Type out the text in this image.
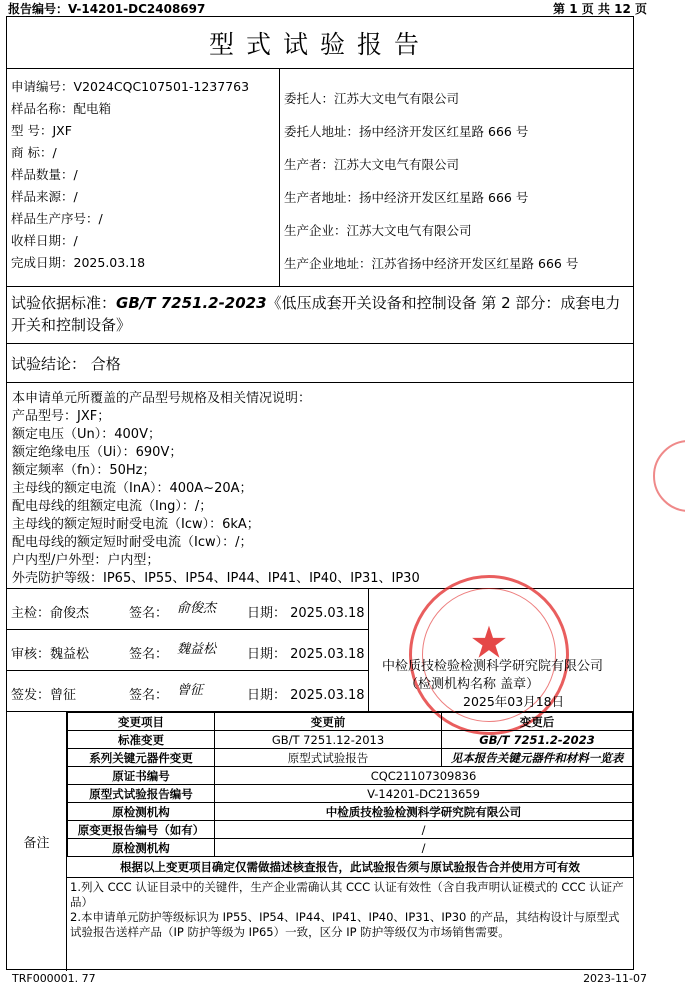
报告编号：V-14201-DC2408697	第 1 页 共 12 页
型式试验报告
申请编号：V2024CQC107501-1237763
样品名称：配电箱
型 号：JXF
商 标：/
样品数量：/
样品来源：/
样品生产序号：/
收样日期：/
完成日期：2025.03.18
委托人：江苏大文电气有限公司
委托人地址：扬中经济开发区红星路 666 号
生产者：江苏大文电气有限公司
生产者地址：扬中经济开发区红星路 666 号
生产企业：江苏大文电气有限公司
生产企业地址：江苏省扬中经济开发区红星路 666 号
试验依据标准：GB/T 7251.2-2023《低压成套开关设备和控制设备 第 2 部分：成套电力开关和控制设备》
试验结论： 合格
本申请单元所覆盖的产品型号规格及相关情况说明：
产品型号：JXF；
额定电压（Un）：400V；
额定绝缘电压（Ui）：690V；
额定频率（fn）：50Hz；
主母线的额定电流（InA）：400A~20A；
配电母线的组额定电流（Ing）：/；
主母线的额定短时耐受电流（Icw）：6kA；
配电母线的额定短时耐受电流（Icw）：/；
户内型/户外型：户内型；
外壳防护等级：IP65、IP55、IP54、IP44、IP41、IP40、IP31、IP30
主检：俞俊杰	签名： 俞俊杰 日期： 2025.03.18
审核：魏益松	签名： 魏益松 日期： 2025.03.18
签发：曾征	签名： 曾征	日期： 2025.03.18
★
中检质技检验检测科学研究院有限公司
（检测机构名称 盖章）
2025年03月18日
备注
变更项目	变更前	变更后
标准变更	GB/T 7251.12-2013	GB/T 7251.2-2023
系列关键元器件变更	原型式试验报告	见本报告关键元器件和材料一览表
原证书编号	CQC21107309836	
原型式试验报告编号	V-14201-DC213659	
原检测机构	中检质技检验检测科学研究院有限公司	
原变更报告编号（如有）	/	
原检测机构	/	
根据以上变更项目确定仅需做描述核查报告，此试验报告须与原试验报告合并使用方可有效
1.列入 CCC 认证目录中的关键件，生产企业需确认其 CCC 认证有效性（含自我声明认证模式的 CCC 认证产品）
2.本申请单元防护等级标识为 IP55、IP54、IP44、IP41、IP40、IP31、IP30 的产品，其结构设计与原型式试验报告送样产品（IP 防护等级为 IP65）一致，区分 IP 防护等级仅为市场销售需要。
TRF000001. 77	2023-11-07
